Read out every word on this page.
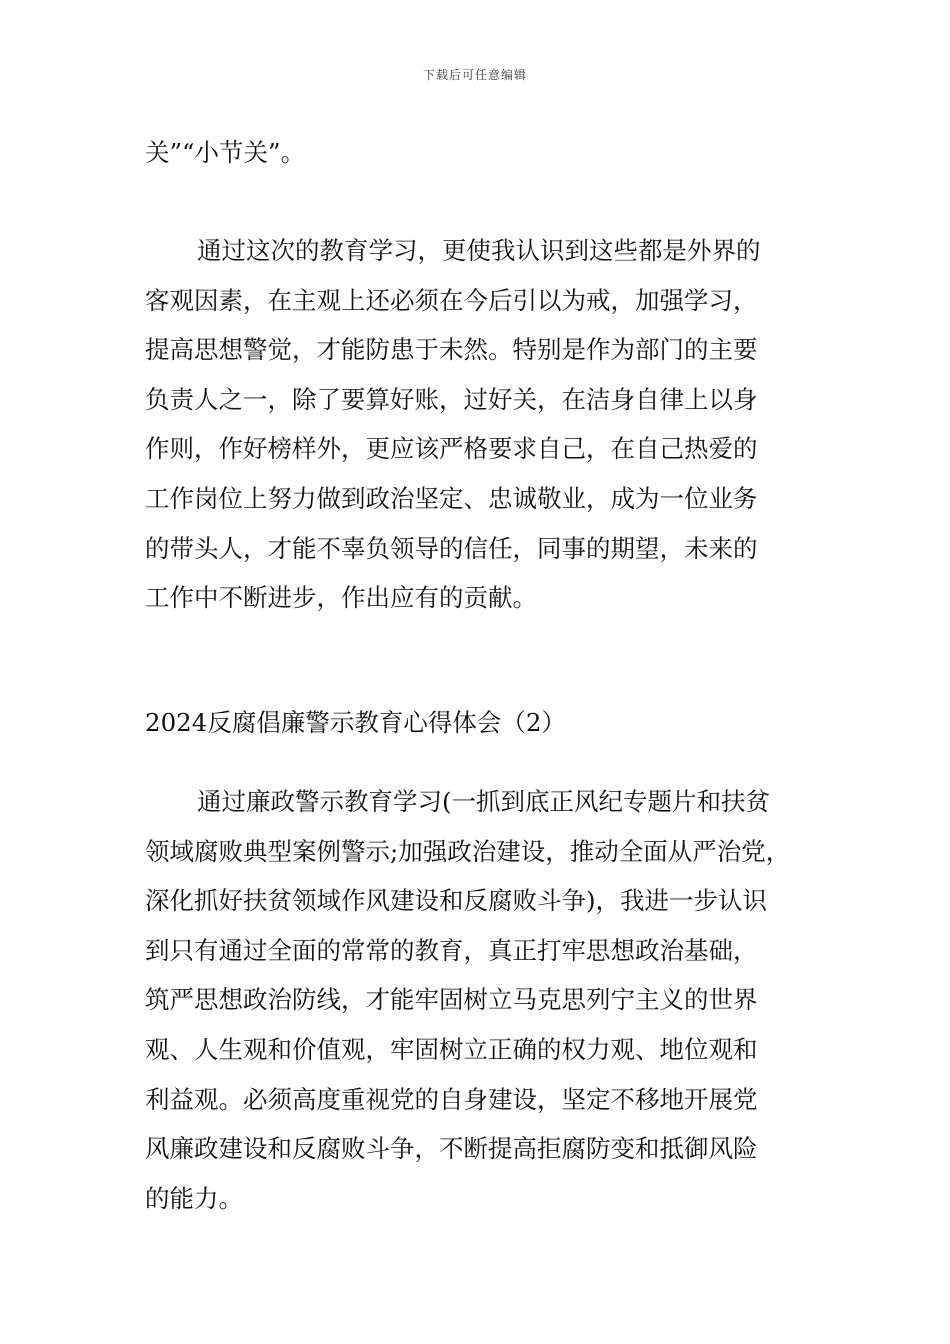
下载后可任意编辑
关”“小节关”。
通过这次的教育学习，更使我认识到这些都是外界的
客观因素，在主观上还必须在今后引以为戒，加强学习，
提高思想警觉，才能防患于未然。特别是作为部门的主要
负责人之一，除了要算好账，过好关，在洁身自律上以身
作则，作好榜样外，更应该严格要求自己，在自己热爱的
工作岗位上努力做到政治坚定、忠诚敬业，成为一位业务
的带头人，才能不辜负领导的信任，同事的期望，未来的
工作中不断进步，作出应有的贡献。
2024反腐倡廉警示教育心得体会（2）
通过廉政警示教育学习(一抓到底正风纪专题片和扶贫
领域腐败典型案例警示;加强政治建设，推动全面从严治党，
深化抓好扶贫领域作风建设和反腐败斗争)，我进一步认识
到只有通过全面的常常的教育，真正打牢思想政治基础，
筑严思想政治防线，才能牢固树立马克思列宁主义的世界
观、人生观和价值观，牢固树立正确的权力观、地位观和
利益观。必须高度重视党的自身建设，坚定不移地开展党
风廉政建设和反腐败斗争，不断提高拒腐防变和抵御风险
的能力。
